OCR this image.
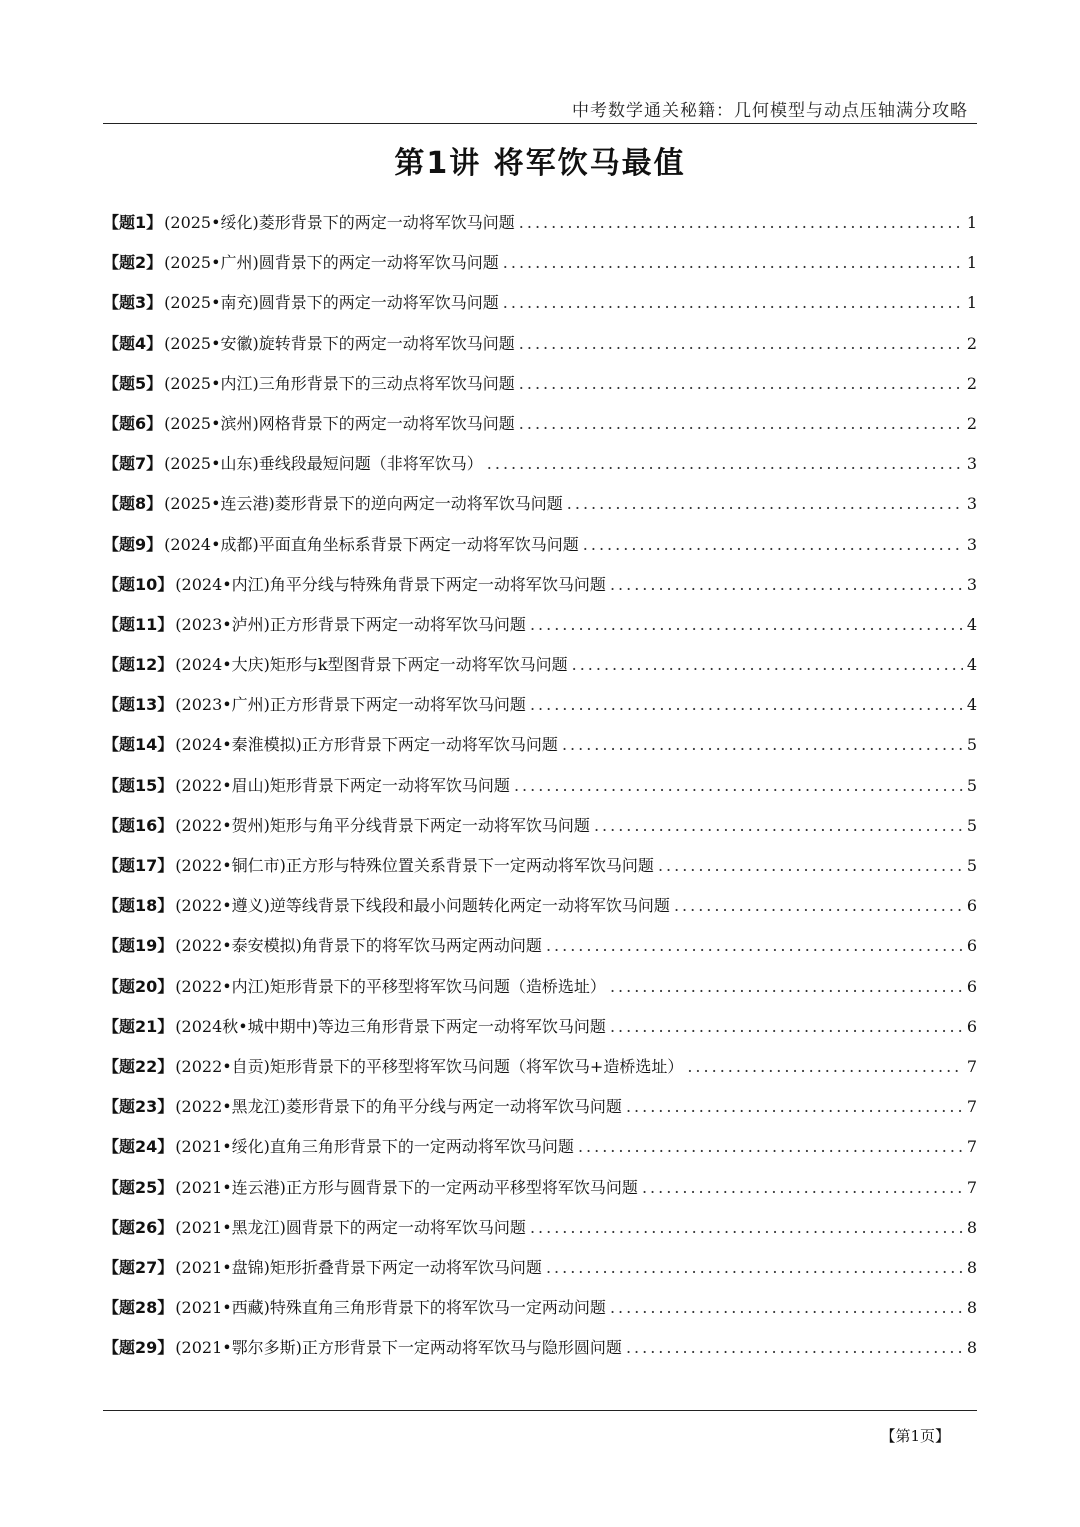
中考数学通关秘籍：几何模型与动点压轴满分攻略
第1讲 将军饮马最值
【题1】 (2025•绥化)菱形背景下的两定一动将军饮马问题 .....	1
【题2】 (2025•广州)圆背景下的两定一动将军饮马问题 .....	1
【题3】 (2025•南充)圆背景下的两定一动将军饮马问题 .....	1
【题4】 (2025•安徽)旋转背景下的两定一动将军饮马问题 .....	2
【题5】 (2025•内江)三角形背景下的三动点将军饮马问题 .....	2
【题6】 (2025•滨州)网格背景下的两定一动将军饮马问题 .....	2
【题7】 (2025•山东)垂线段最短问题（非将军饮马） .....	3
【题8】 (2025•连云港)菱形背景下的逆向两定一动将军饮马问题 .....	3
【题9】 (2024•成都)平面直角坐标系背景下两定一动将军饮马问题 .....	3
【题10】 (2024•内江)角平分线与特殊角背景下两定一动将军饮马问题 .....	3
【题11】 (2023•泸州)正方形背景下两定一动将军饮马问题 .....	4
【题12】 (2024•大庆)矩形与k型图背景下两定一动将军饮马问题 .....	4
【题13】 (2023•广州)正方形背景下两定一动将军饮马问题 .....	4
【题14】 (2024•秦淮模拟)正方形背景下两定一动将军饮马问题 .....	5
【题15】 (2022•眉山)矩形背景下两定一动将军饮马问题 .....	5
【题16】 (2022•贺州)矩形与角平分线背景下两定一动将军饮马问题 .....	5
【题17】 (2022•铜仁市)正方形与特殊位置关系背景下一定两动将军饮马问题 .....	5
【题18】 (2022•遵义)逆等线背景下线段和最小问题转化两定一动将军饮马问题 .....	6
【题19】 (2022•泰安模拟)角背景下的将军饮马两定两动问题 .....	6
【题20】 (2022•内江)矩形背景下的平移型将军饮马问题（造桥选址） .....	6
【题21】 (2024秋•城中期中)等边三角形背景下两定一动将军饮马问题 .....	6
【题22】 (2022•自贡)矩形背景下的平移型将军饮马问题（将军饮马+造桥选址） .....	7
【题23】 (2022•黑龙江)菱形背景下的角平分线与两定一动将军饮马问题 .....	7
【题24】 (2021•绥化)直角三角形背景下的一定两动将军饮马问题 .....	7
【题25】 (2021•连云港)正方形与圆背景下的一定两动平移型将军饮马问题 .....	7
【题26】 (2021•黑龙江)圆背景下的两定一动将军饮马问题 .....	8
【题27】 (2021•盘锦)矩形折叠背景下两定一动将军饮马问题 .....	8
【题28】 (2021•西藏)特殊直角三角形背景下的将军饮马一定两动问题 .....	8
【题29】 (2021•鄂尔多斯)正方形背景下一定两动将军饮马与隐形圆问题 .....	8
【第1页】
